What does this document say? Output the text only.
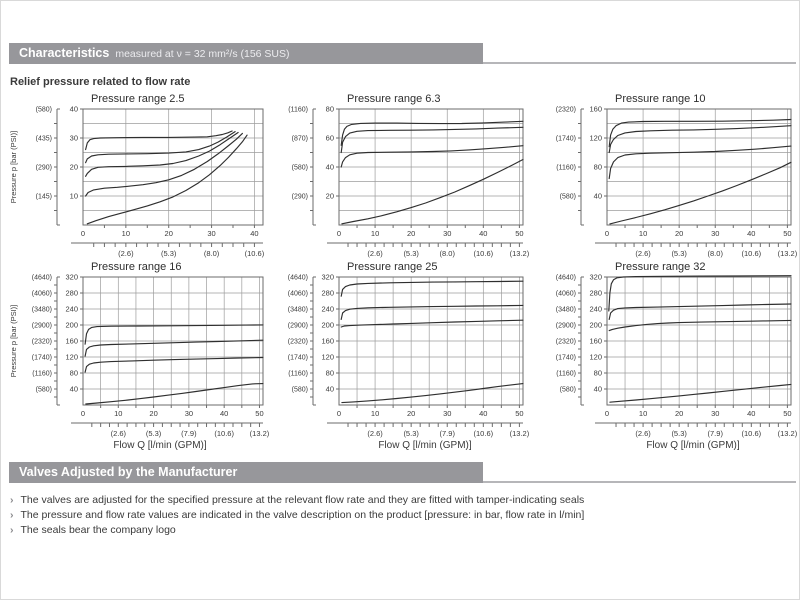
Characteristics measured at ν = 32 mm²/s (156 SUS)
Relief pressure related to flow rate
10
20
30
40
(145)
(290)
(435)
(580)
0	10	20	30	40
(2.6)	(5.3)	(8.0)	(10.6)
Pressure range 2.5
Pressure p [bar (PSI)]	20
40
60
80
(290)
(580)
(870)
(1160)
0	10	20	30	40	50
(2.6)	(5.3)	(8.0) (10.6) (13.2)
Pressure range 6.3
40
80
120
160
(580)
(1160)
(1740)
(2320)
0	10	20	30	40	50
(2.6)	(5.3)	(8.0) (10.6) (13.2)
Pressure range 10
40
80
120
160
200
240
280
320
(580)
(1160)
(1740)
(2320)
(2900)
(3480)
(4060)
(4640)
0	10	20	30	40	50
(2.6)	(5.3)	(7.9) (10.6) (13.2)
Pressure range 16
Pressure p [bar (PSI)]
Flow Q [l/min (GPM)]
40
80
120
160
200
240
280
320
(580)
(1160)
(1740)
(2320)
(2900)
(3480)
(4060)
(4640)
0	10	20	30	40	50
(2.6)	(5.3)	(7.9) (10.6) (13.2)
Pressure range 25
Flow Q [l/min (GPM)]
40
80
120
160
200
240
280
320
(580)
(1160)
(1740)
(2320)
(2900)
(3480)
(4060)
(4640)
0	10	20	30	40	50
(2.6)	(5.3)	(7.9) (10.6) (13.2)
Pressure range 32
Flow Q [l/min (GPM)]
Valves Adjusted by the Manufacturer
› The valves are adjusted for the specified pressure at the relevant flow rate and they are fitted with tamper-indicating seals
› The pressure and flow rate values are indicated in the valve description on the product [pressure: in bar, flow rate in l/min]
› The seals bear the company logo
